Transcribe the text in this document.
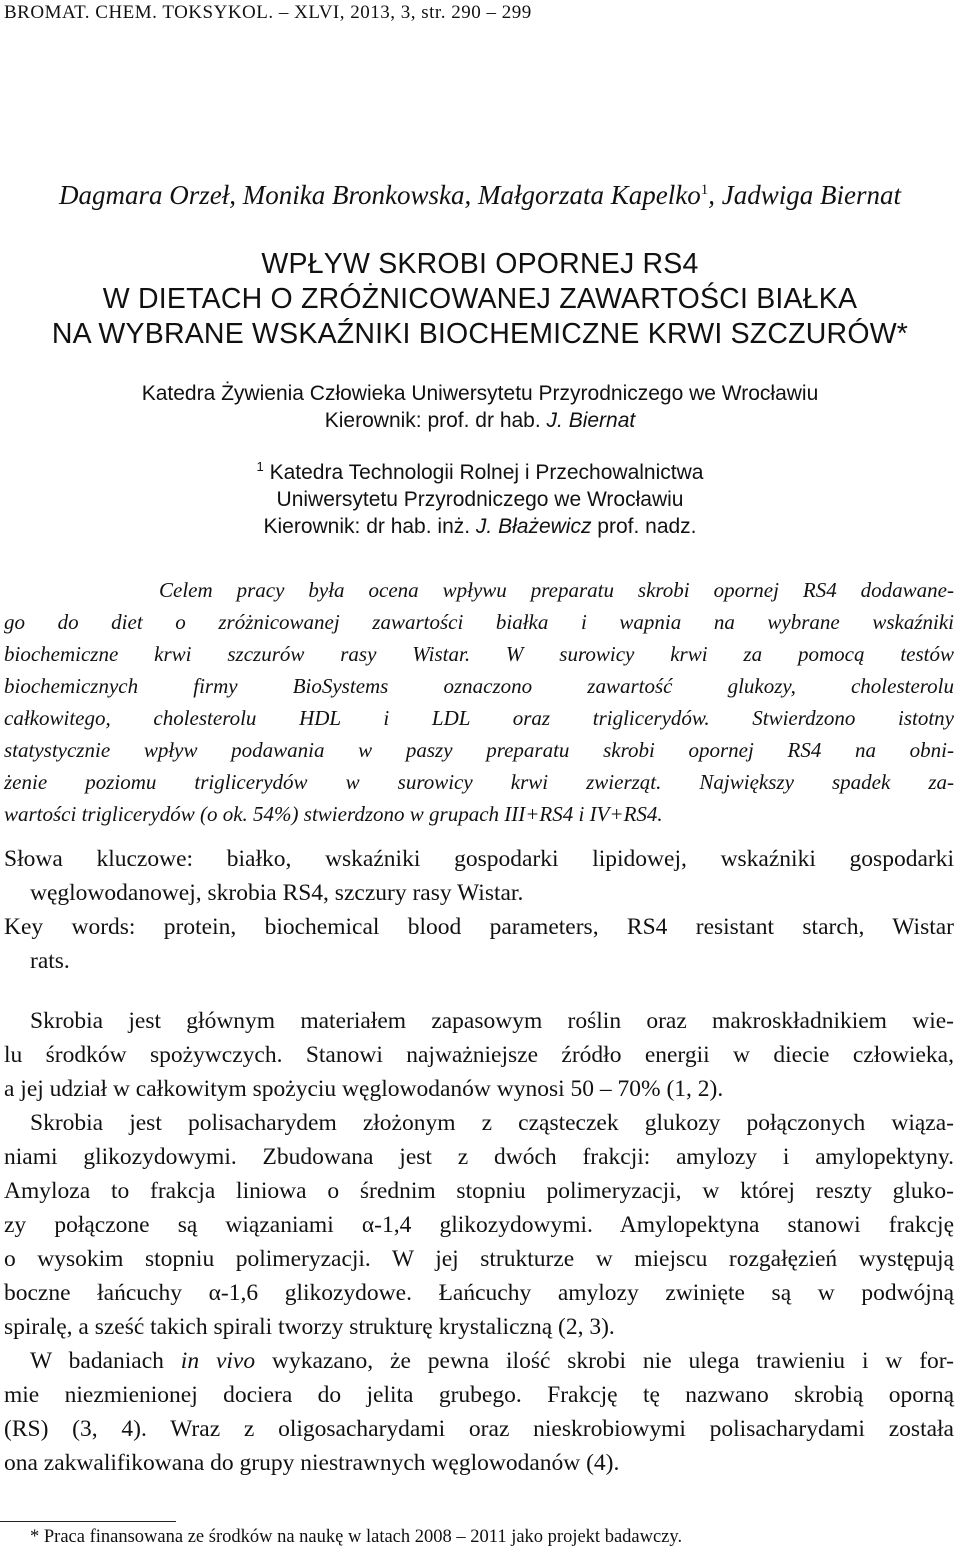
BROMAT. CHEM. TOKSYKOL. – XLVI, 2013, 3, str. 290 – 299
Dagmara Orzeł, Monika Bronkowska, Małgorzata Kapelko$^1$, Jadwiga Biernat
WPŁYW SKROBI OPORNEJ RS4
W DIETACH O ZRÓŻNICOWANEJ ZAWARTOŚCI BIAŁKA
NA WYBRANE WSKAŹNIKI BIOCHEMICZNE KRWI SZCZURÓW*
Katedra Żywienia Człowieka Uniwersytetu Przyrodniczego we Wrocławiu
Kierownik: prof. dr hab. J. Biernat
$^1$ Katedra Technologii Rolnej i Przechowalnictwa
Uniwersytetu Przyrodniczego we Wrocławiu
Kierownik: dr hab. inż. J. Błażewicz prof. nadz.
Celem pracy była ocena wpływu preparatu skrobi opornej RS4 dodawane-
go do diet o zróżnicowanej zawartości białka i wapnia na wybrane wskaźniki
biochemiczne krwi szczurów rasy Wistar. W surowicy krwi za pomocą testów
biochemicznych firmy BioSystems oznaczono zawartość glukozy, cholesterolu
całkowitego, cholesterolu HDL i LDL oraz triglicerydów. Stwierdzono istotny
statystycznie wpływ podawania w paszy preparatu skrobi opornej RS4 na obni-
żenie poziomu triglicerydów w surowicy krwi zwierząt. Największy spadek za-
wartości triglicerydów (o ok. 54%) stwierdzono w grupach III+RS4 i IV+RS4.
Słowa kluczowe: białko, wskaźniki gospodarki lipidowej, wskaźniki gospodarki
węglowodanowej, skrobia RS4, szczury rasy Wistar.
Key words: protein, biochemical blood parameters, RS4 resistant starch, Wistar
rats.
Skrobia jest głównym materiałem zapasowym roślin oraz makroskładnikiem wie-
lu środków spożywczych. Stanowi najważniejsze źródło energii w diecie człowieka,
a jej udział w całkowitym spożyciu węglowodanów wynosi 50 – 70% (1, 2).
Skrobia jest polisacharydem złożonym z cząsteczek glukozy połączonych wiąza-
niami glikozydowymi. Zbudowana jest z dwóch frakcji: amylozy i amylopektyny.
Amyloza to frakcja liniowa o średnim stopniu polimeryzacji, w której reszty gluko-
zy połączone są wiązaniami α-1,4 glikozydowymi. Amylopektyna stanowi frakcję
o wysokim stopniu polimeryzacji. W jej strukturze w miejscu rozgałęzień występują
boczne łańcuchy α-1,6 glikozydowe. Łańcuchy amylozy zwinięte są w podwójną
spiralę, a sześć takich spirali tworzy strukturę krystaliczną (2, 3).
W badaniach in vivo wykazano, że pewna ilość skrobi nie ulega trawieniu i w for-
mie niezmienionej dociera do jelita grubego. Frakcję tę nazwano skrobią oporną
(RS) (3, 4). Wraz z oligosacharydami oraz nieskrobiowymi polisacharydami została
ona zakwalifikowana do grupy niestrawnych węglowodanów (4).
* Praca finansowana ze środków na naukę w latach 2008 – 2011 jako projekt badawczy.
